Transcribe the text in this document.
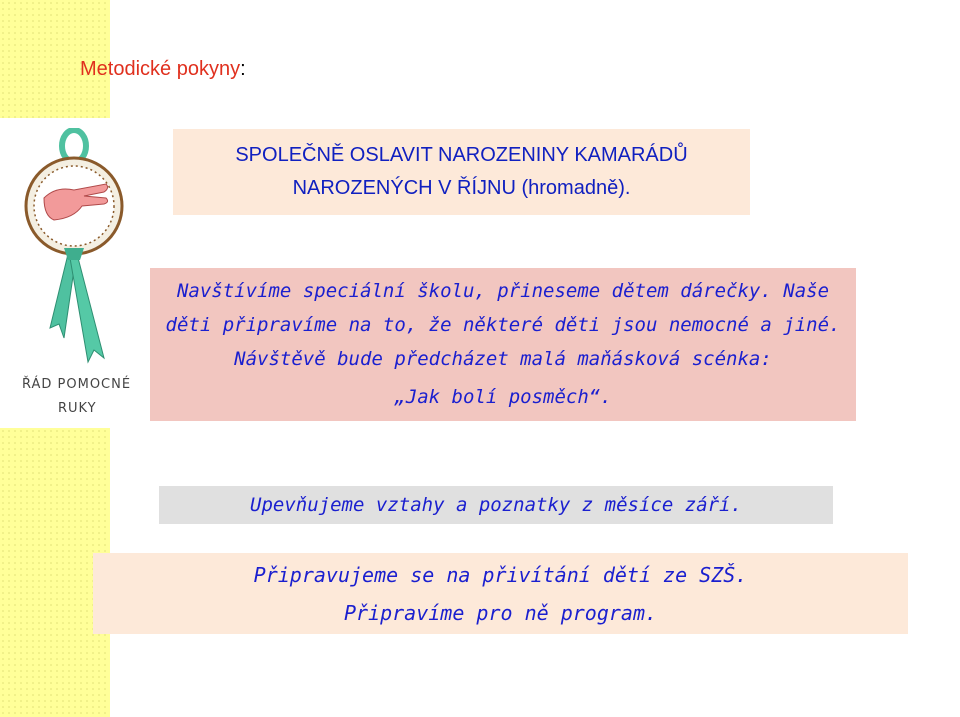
Metodické pokyny:
ŘÁD POMOCNÉ
RUKY
SPOLEČNĚ OSLAVIT NAROZENINY KAMARÁDŮ
NAROZENÝCH V ŘÍJNU (hromadně).
Navštívíme speciální školu, přineseme dětem dárečky. Naše
děti připravíme na to, že některé děti jsou nemocné a jiné.
Návštěvě bude předcházet malá maňásková scénka:
„Jak bolí posměch“.
Upevňujeme vztahy a poznatky z měsíce září.
Připravujeme se na přivítání dětí ze SZŠ.
Připravíme pro ně program.
